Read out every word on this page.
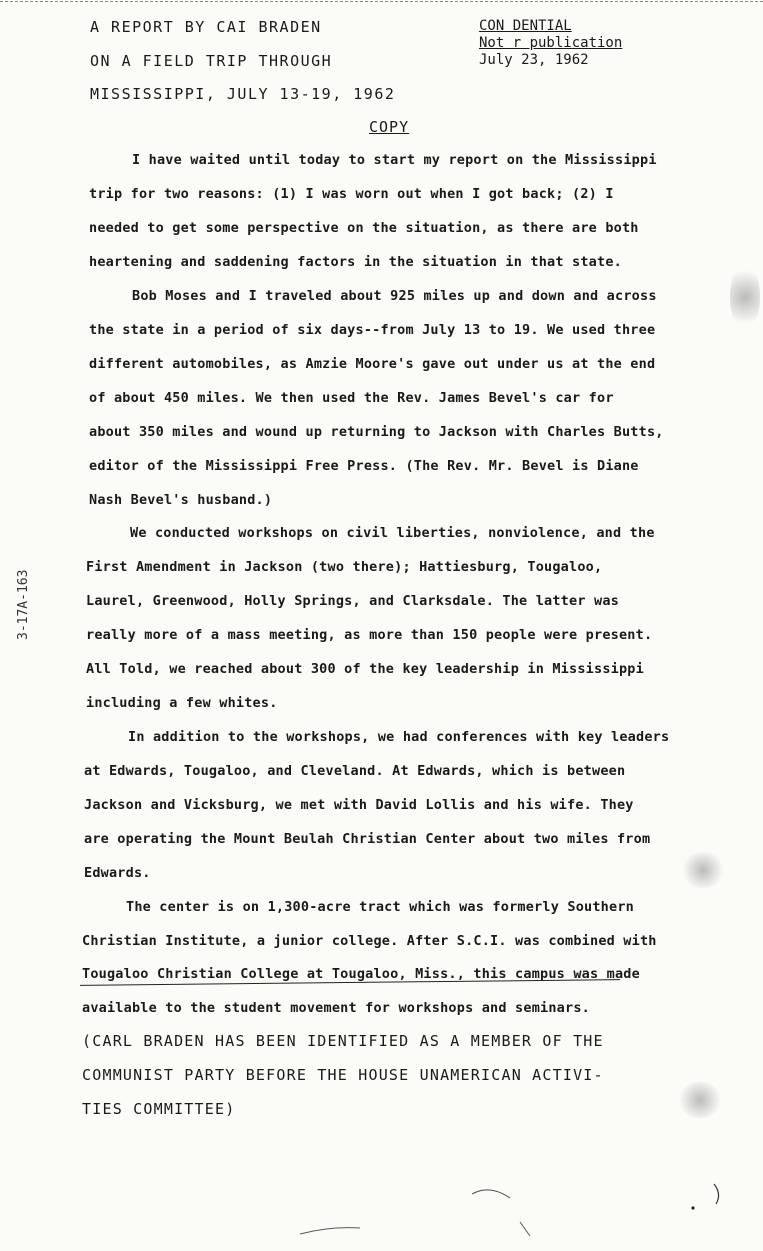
A REPORT BY CAI BRADEN
ON A FIELD TRIP THROUGH
MISSISSIPPI, JULY 13-19, 1962
CON DENTIAL
Not r publication
July 23, 1962
COPY
3-17A-163
I have waited until today to start my report on the Mississippi
trip for two reasons: (1) I was worn out when I got back; (2) I
needed to get some perspective on the situation, as there are both
heartening and saddening factors in the situation in that state.
Bob Moses and I traveled about 925 miles up and down and across
the state in a period of six days--from July 13 to 19. We used three
different automobiles, as Amzie Moore's gave out under us at the end
of about 450 miles. We then used the Rev. James Bevel's car for
about 350 miles and wound up returning to Jackson with Charles Butts,
editor of the Mississippi Free Press. (The Rev. Mr. Bevel is Diane
Nash Bevel's husband.)
We conducted workshops on civil liberties, nonviolence, and the
First Amendment in Jackson (two there); Hattiesburg, Tougaloo,
Laurel, Greenwood, Holly Springs, and Clarksdale. The latter was
really more of a mass meeting, as more than 150 people were present.
All Told, we reached about 300 of the key leadership in Mississippi
including a few whites.
In addition to the workshops, we had conferences with key leaders
at Edwards, Tougaloo, and Cleveland. At Edwards, which is between
Jackson and Vicksburg, we met with David Lollis and his wife. They
are operating the Mount Beulah Christian Center about two miles from
Edwards.
The center is on 1,300-acre tract which was formerly Southern
Christian Institute, a junior college. After S.C.I. was combined with
Tougaloo Christian College at Tougaloo, Miss., this campus was made
available to the student movement for workshops and seminars.
(CARL BRADEN HAS BEEN IDENTIFIED AS A MEMBER OF THE
COMMUNIST PARTY BEFORE THE HOUSE UNAMERICAN ACTIVI-
TIES COMMITTEE)
